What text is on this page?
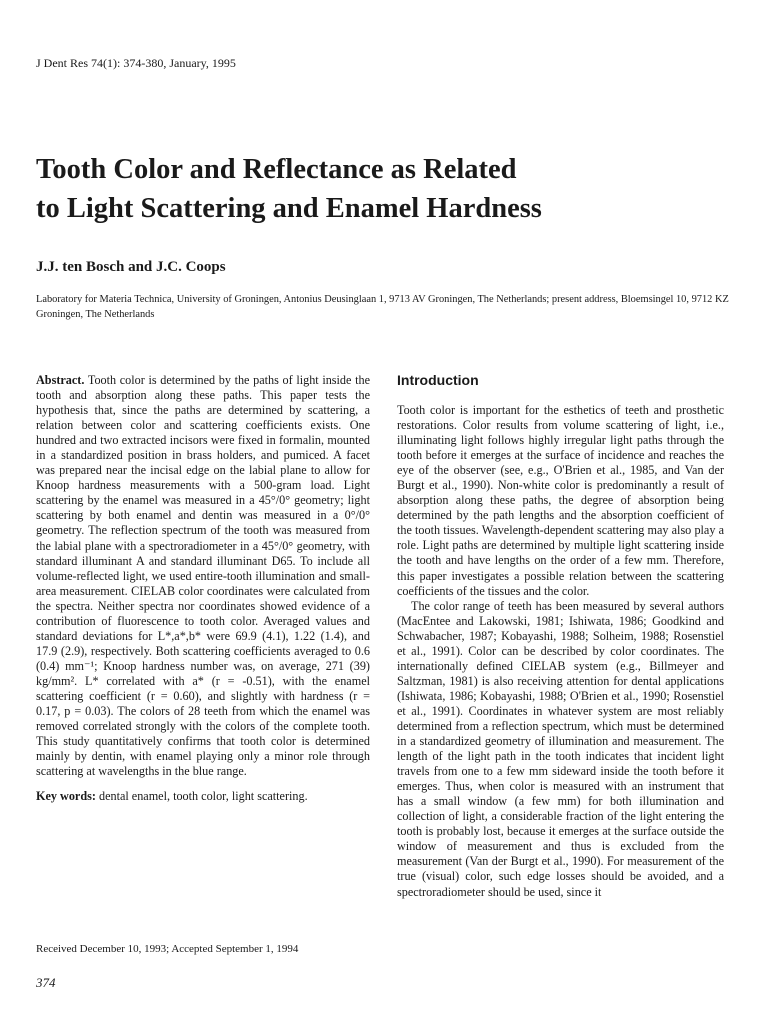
J Dent Res 74(1): 374-380, January, 1995
Tooth Color and Reflectance as Related
to Light Scattering and Enamel Hardness
J.J. ten Bosch and J.C. Coops
Laboratory for Materia Technica, University of Groningen, Antonius Deusinglaan 1, 9713 AV Groningen, The Netherlands; present address, Bloemsingel 10, 9712 KZ Groningen, The Netherlands

Abstract. Tooth color is determined by the paths of light inside the tooth and absorption along these paths. This paper tests the hypothesis that, since the paths are determined by scattering, a relation between color and scattering coefficients exists. One hundred and two extracted incisors were fixed in formalin, mounted in a standardized position in brass holders, and pumiced. A facet was prepared near the incisal edge on the labial plane to allow for Knoop hardness measurements with a 500-gram load. Light scattering by the enamel was measured in a 45°/0° geometry; light scattering by both enamel and dentin was measured in a 0°/0° geometry. The reflection spectrum of the tooth was measured from the labial plane with a spectroradiometer in a 45°/0° geometry, with standard illuminant A and standard illuminant D65. To include all volume-reflected light, we used entire-tooth illumination and small-area measurement. CIELAB color coordinates were calculated from the spectra. Neither spectra nor coordinates showed evidence of a contribution of fluorescence to tooth color. Averaged values and standard deviations for L*,a*,b* were 69.9 (4.1), 1.22 (1.4), and 17.9 (2.9), respectively. Both scattering coefficients averaged to 0.6 (0.4) mm⁻¹; Knoop hardness number was, on average, 271 (39) kg/mm². L* correlated with a* (r = -0.51), with the enamel scattering coefficient (r = 0.60), and slightly with hardness (r = 0.17, p = 0.03). The colors of 28 teeth from which the enamel was removed correlated strongly with the colors of the complete tooth. This study quantitatively confirms that tooth color is determined mainly by dentin, with enamel playing only a minor role through scattering at wavelengths in the blue range.

Key words: dental enamel, tooth color, light scattering.

Introduction

Tooth color is important for the esthetics of teeth and prosthetic restorations. Color results from volume scattering of light, i.e., illuminating light follows highly irregular light paths through the tooth before it emerges at the surface of incidence and reaches the eye of the observer (see, e.g., O'Brien et al., 1985, and Van der Burgt et al., 1990). Non-white color is predominantly a result of absorption along these paths, the degree of absorption being determined by the path lengths and the absorption coefficient of the tooth tissues. Wavelength-dependent scattering may also play a role. Light paths are determined by multiple light scattering inside the tooth and have lengths on the order of a few mm. Therefore, this paper investigates a possible relation between the scattering coefficients of the tissues and the color.

The color range of teeth has been measured by several authors (MacEntee and Lakowski, 1981; Ishiwata, 1986; Goodkind and Schwabacher, 1987; Kobayashi, 1988; Solheim, 1988; Rosenstiel et al., 1991). Color can be described by color coordinates. The internationally defined CIELAB system (e.g., Billmeyer and Saltzman, 1981) is also receiving attention for dental applications (Ishiwata, 1986; Kobayashi, 1988; O'Brien et al., 1990; Rosenstiel et al., 1991). Coordinates in whatever system are most reliably determined from a reflection spectrum, which must be determined in a standardized geometry of illumination and measurement. The length of the light path in the tooth indicates that incident light travels from one to a few mm sideward inside the tooth before it emerges. Thus, when color is measured with an instrument that has a small window (a few mm) for both illumination and collection of light, a considerable fraction of the light entering the tooth is probably lost, because it emerges at the surface outside the window of measurement and thus is excluded from the measurement (Van der Burgt et al., 1990). For measurement of the true (visual) color, such edge losses should be avoided, and a spectroradiometer should be used, since it

Received December 10, 1993; Accepted September 1, 1994
374
